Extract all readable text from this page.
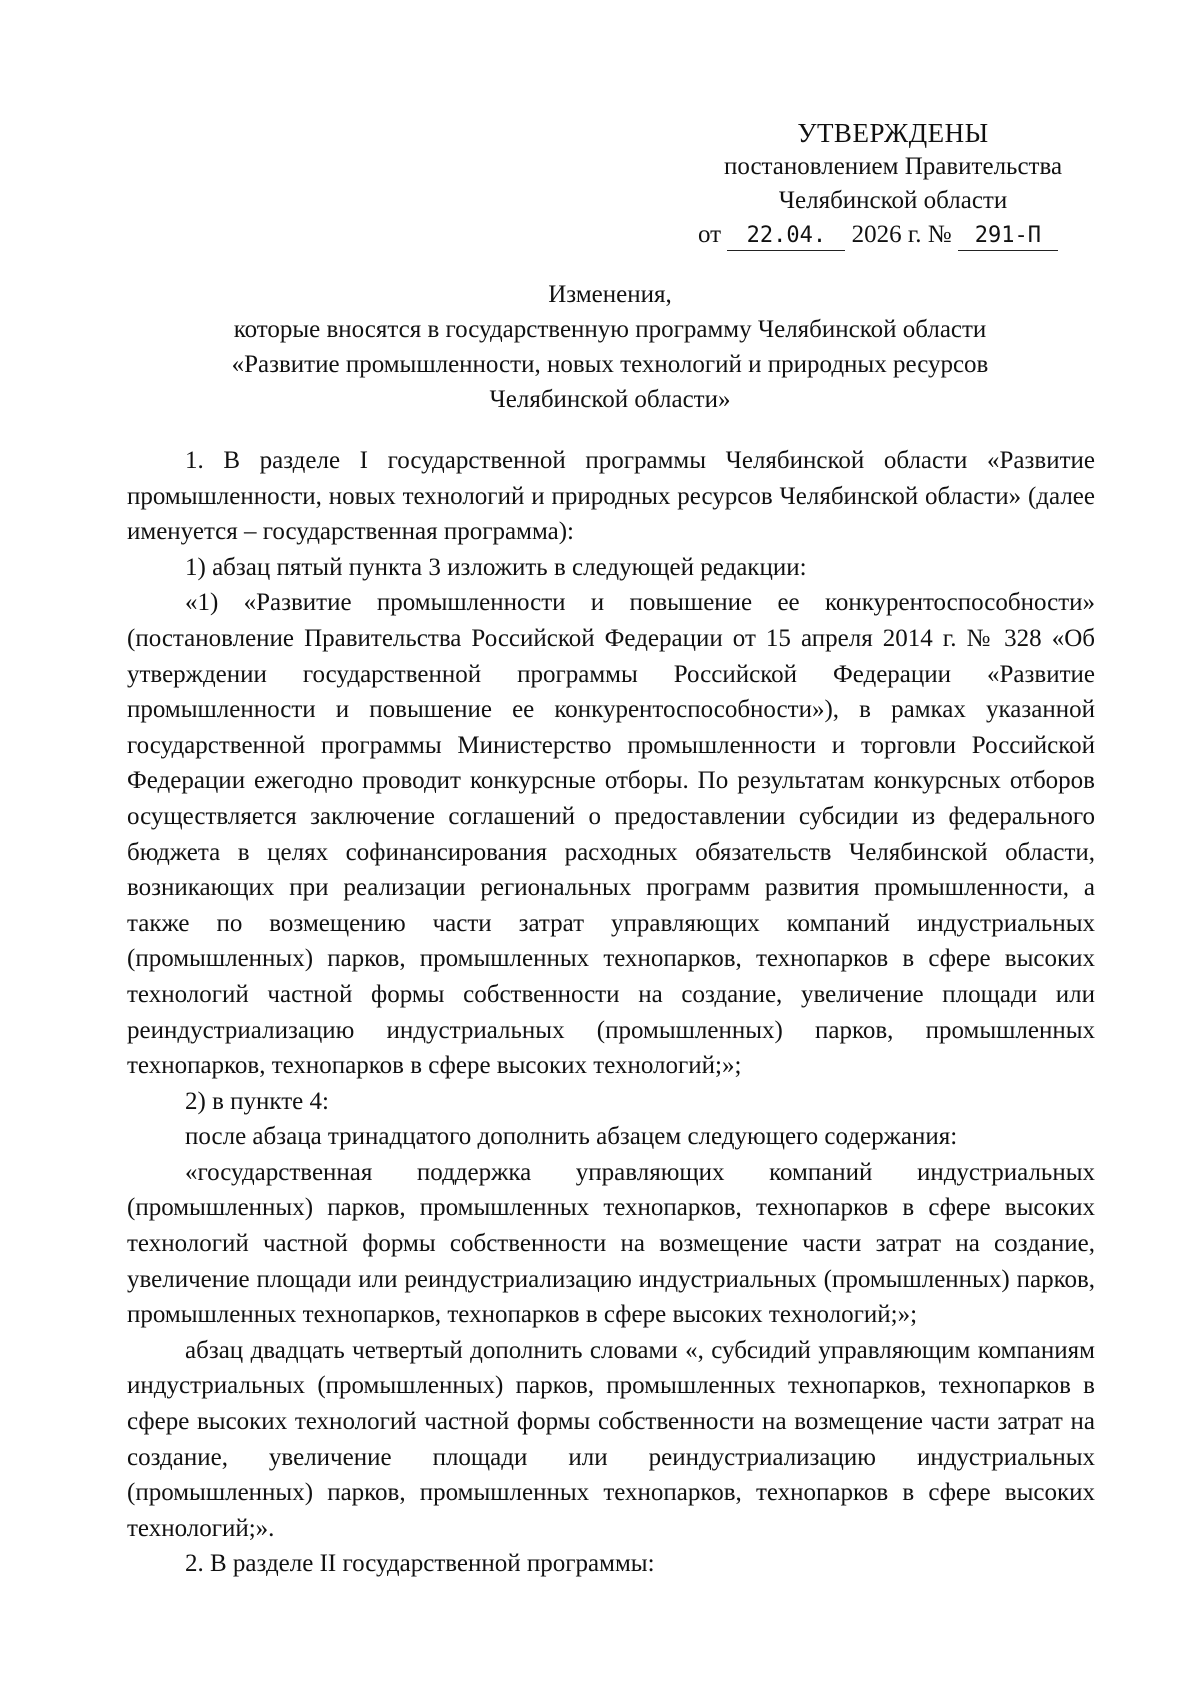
УТВЕРЖДЕНЫ
постановлением Правительства
Челябинской области
от 22.04. 2026 г. № 291-П
Изменения,
которые вносятся в государственную программу Челябинской области
«Развитие промышленности, новых технологий и природных ресурсов
Челябинской области»

1. В разделе I государственной программы Челябинской области «Развитие промышленности, новых технологий и природных ресурсов Челябинской области» (далее именуется – государственная программа):

1) абзац пятый пункта 3 изложить в следующей редакции:

«1) «Развитие промышленности и повышение ее конкурентоспособности» (постановление Правительства Российской Федерации от 15 апреля 2014 г. № 328 «Об утверждении государственной программы Российской Федерации «Развитие промышленности и повышение ее конкурентоспособности»), в рамках указанной государственной программы Министерство промышленности и торговли Российской Федерации ежегодно проводит конкурсные отборы. По результатам конкурсных отборов осуществляется заключение соглашений о предоставлении субсидии из федерального бюджета в целях софинансирования расходных обязательств Челябинской области, возникающих при реализации региональных программ развития промышленности, а также по возмещению части затрат управляющих компаний индустриальных (промышленных) парков, промышленных технопарков, технопарков в сфере высоких технологий частной формы собственности на создание, увеличение площади или реиндустриализацию индустриальных (промышленных) парков, промышленных технопарков, технопарков в сфере высоких технологий;»;

2) в пункте 4:

после абзаца тринадцатого дополнить абзацем следующего содержания:

«государственная поддержка управляющих компаний индустриальных (промышленных) парков, промышленных технопарков, технопарков в сфере высоких технологий частной формы собственности на возмещение части затрат на создание, увеличение площади или реиндустриализацию индустриальных (промышленных) парков, промышленных технопарков, технопарков в сфере высоких технологий;»;

абзац двадцать четвертый дополнить словами «, субсидий управляющим компаниям индустриальных (промышленных) парков, промышленных технопарков, технопарков в сфере высоких технологий частной формы собственности на возмещение части затрат на создание, увеличение площади или реиндустриализацию индустриальных (промышленных) парков, промышленных технопарков, технопарков в сфере высоких технологий;».

2. В разделе II государственной программы:
